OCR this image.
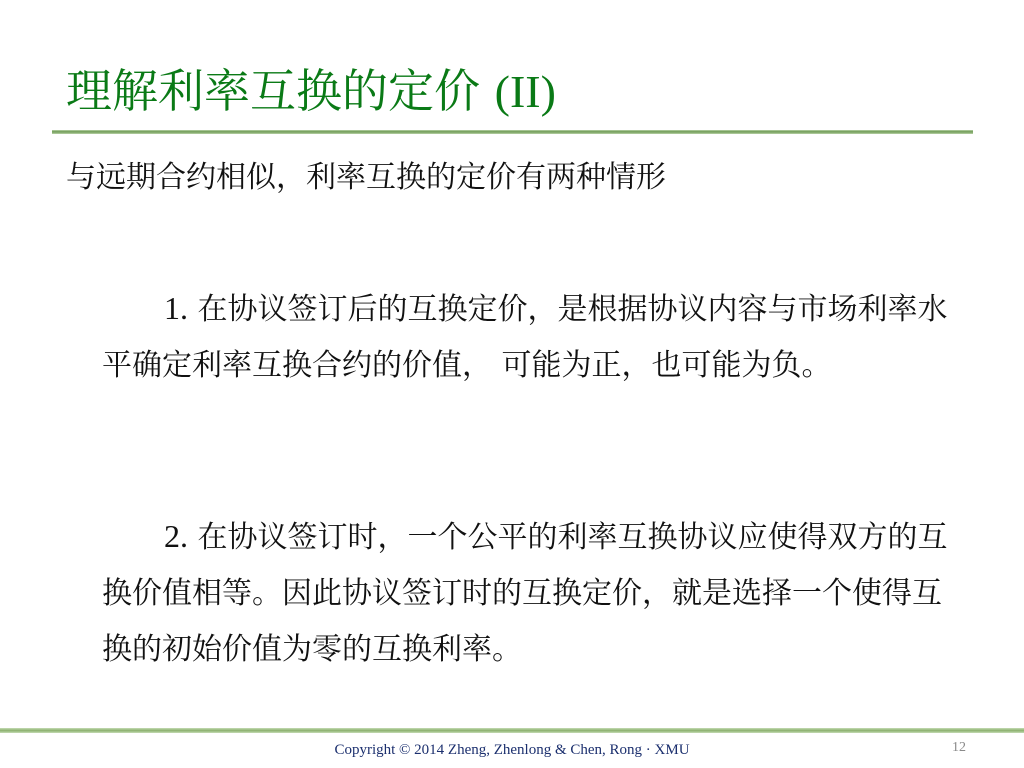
理解利率互换的定价 (II)
与远期合约相似，利率互换的定价有两种情形
1. 在协议签订后的互换定价，是根据协议内容与市场利率水平确定利率互换合约的价值， 可能为正，也可能为负。
2. 在协议签订时，一个公平的利率互换协议应使得双方的互换价值相等。因此协议签订时的互换定价，就是选择一个使得互换的初始价值为零的互换利率。
Copyright © 2014 Zheng, Zhenlong & Chen, Rong · XMU	12
